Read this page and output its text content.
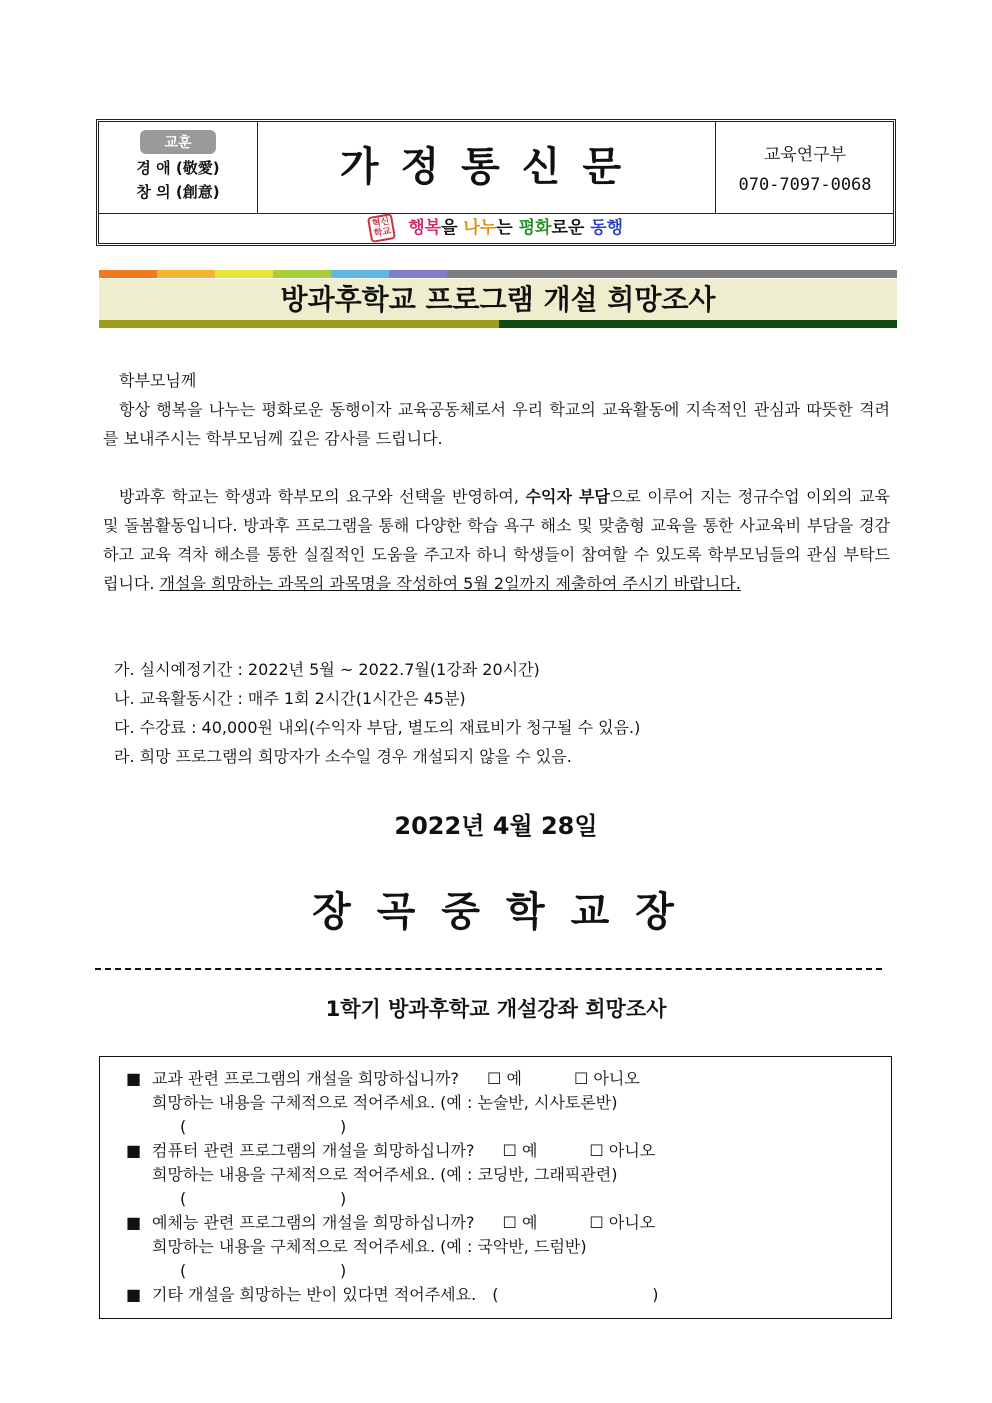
교훈
경 애 (敬愛)
창 의 (創意)
가정통신문	교육연구부
070-7097-0068
혁신
학교 행복을 나누는 평화로운 동행
방과후학교 프로그램 개설 희망조사

학부모님께

항상 행복을 나누는 평화로운 동행이자 교육공동체로서 우리 학교의 교육활동에 지속적인 관심과 따뜻한 격려를 보내주시는 학부모님께 깊은 감사를 드립니다.

방과후 학교는 학생과 학부모의 요구와 선택을 반영하여, 수익자 부담으로 이루어 지는 정규수업 이외의 교육 및 돌봄활동입니다. 방과후 프로그램을 통해 다양한 학습 욕구 해소 및 맞춤형 교육을 통한 사교육비 부담을 경감하고 교육 격차 해소를 통한 실질적인 도움을 주고자 하니 학생들이 참여할 수 있도록 학부모님들의 관심 부탁드립니다. 개설을 희망하는 과목의 과목명을 작성하여 5월 2일까지 제출하여 주시기 바랍니다.

가. 실시예정기간 : 2022년 5월 ~ 2022.7월(1강좌 20시간)
나. 교육활동시간 : 매주 1회 2시간(1시간은 45분)
다. 수강료 : 40,000원 내외(수익자 부담, 별도의 재료비가 청구될 수 있음.)
라. 희망 프로그램의 희망자가 소수일 경우 개설되지 않을 수 있음.
2022년 4월 28일
장곡중학교장
1학기 방과후학교 개설강좌 희망조사
■ 교과 관련 프로그램의 개설을 희망하십니까? ☐ 예	☐ 아니오
희망하는 내용을 구체적으로 적어주세요. (예 : 논술반, 시사토론반)
(	)
■ 컴퓨터 관련 프로그램의 개설을 희망하십니까? ☐ 예	☐ 아니오
희망하는 내용을 구체적으로 적어주세요. (예 : 코딩반, 그래픽관련)
(	)
■ 예체능 관련 프로그램의 개설을 희망하십니까? ☐ 예	☐ 아니오
희망하는 내용을 구체적으로 적어주세요. (예 : 국악반, 드럼반)
(	)
■ 기타 개설을 희망하는 반이 있다면 적어주세요. (	)
